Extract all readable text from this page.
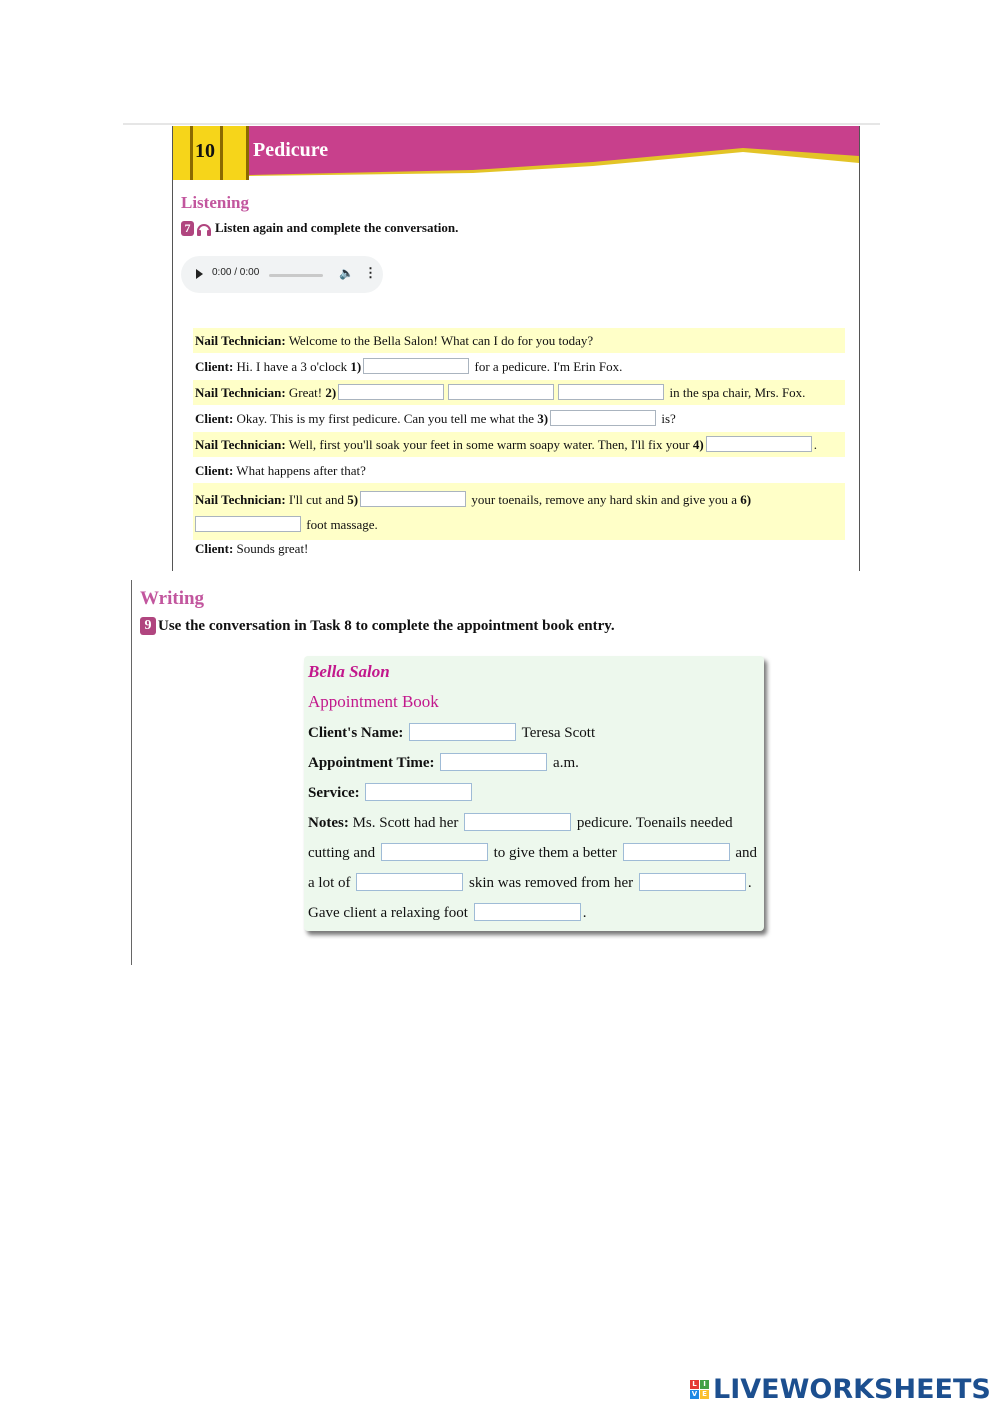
10 Pedicure
Listening
7 Listen again and complete the conversation.
0:00 / 0:00	🔈 ⋮
Nail Technician: Welcome to the Bella Salon! What can I do for you today?
Client: Hi. I have a 3 o'clock 1)	for a pedicure. I'm Erin Fox.
Nail Technician: Great! 2)	in the spa chair, Mrs. Fox.
Client: Okay. This is my first pedicure. Can you tell me what the 3)	is?
Nail Technician: Well, first you'll soak your feet in some warm soapy water. Then, I'll fix your 4)	.
Client: What happens after that?
Nail Technician: I'll cut and 5)	your toenails, remove any hard skin and give you a 6)
foot massage.
Client: Sounds great!
Writing
9 Use the conversation in Task 8 to complete the appointment book entry.
Bella Salon
Appointment Book
Client's Name:	Teresa Scott
Appointment Time:	a.m.
Service:
Notes: Ms. Scott had her	pedicure. Toenails needed
cutting and	to give them a better	and
a lot of	skin was removed from her	.
Gave client a relaxing foot	.
L I
V E LIVEWORKSHEETS
